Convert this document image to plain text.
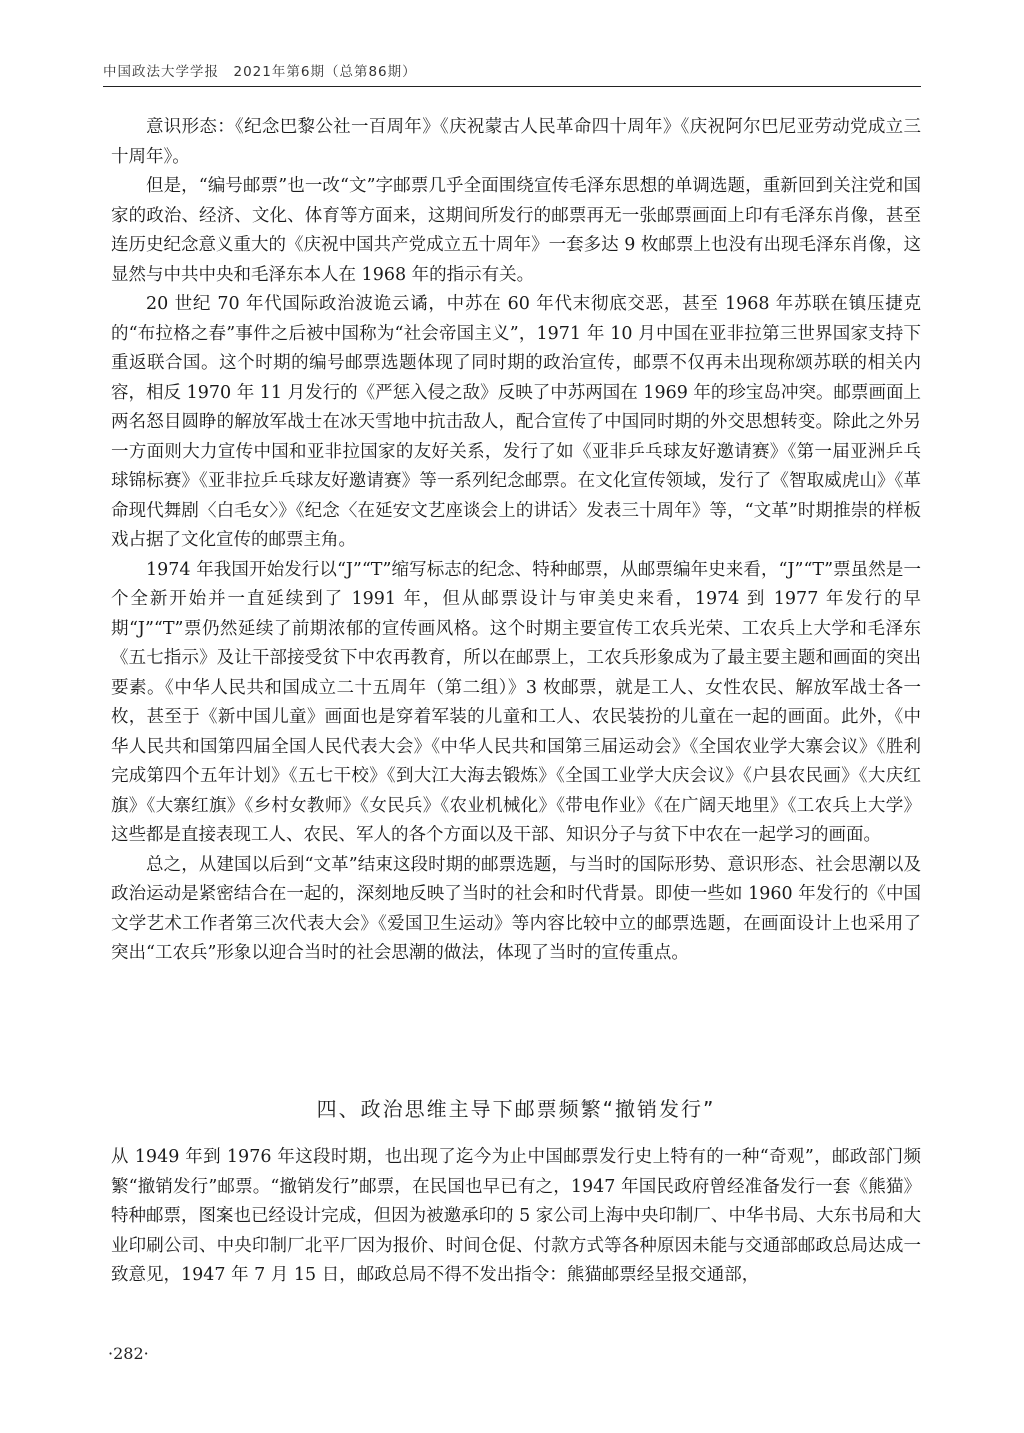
中国政法大学学报　2021年第6期（总第86期）

意识形态：《纪念巴黎公社一百周年》《庆祝蒙古人民革命四十周年》《庆祝阿尔巴尼亚劳动党成立三十周年》。

但是，“编号邮票”也一改“文”字邮票几乎全面围绕宣传毛泽东思想的单调选题，重新回到关注党和国家的政治、经济、文化、体育等方面来，这期间所发行的邮票再无一张邮票画面上印有毛泽东肖像，甚至连历史纪念意义重大的《庆祝中国共产党成立五十周年》一套多达 9 枚邮票上也没有出现毛泽东肖像，这显然与中共中央和毛泽东本人在 1968 年的指示有关。

20 世纪 70 年代国际政治波诡云谲，中苏在 60 年代末彻底交恶，甚至 1968 年苏联在镇压捷克的“布拉格之春”事件之后被中国称为“社会帝国主义”，1971 年 10 月中国在亚非拉第三世界国家支持下重返联合国。这个时期的编号邮票选题体现了同时期的政治宣传，邮票不仅再未出现称颂苏联的相关内容，相反 1970 年 11 月发行的《严惩入侵之敌》反映了中苏两国在 1969 年的珍宝岛冲突。邮票画面上两名怒目圆睁的解放军战士在冰天雪地中抗击敌人，配合宣传了中国同时期的外交思想转变。除此之外另一方面则大力宣传中国和亚非拉国家的友好关系，发行了如《亚非乒乓球友好邀请赛》《第一届亚洲乒乓球锦标赛》《亚非拉乒乓球友好邀请赛》等一系列纪念邮票。在文化宣传领域，发行了《智取威虎山》《革命现代舞剧〈白毛女〉》《纪念〈在延安文艺座谈会上的讲话〉发表三十周年》等，“文革”时期推崇的样板戏占据了文化宣传的邮票主角。

1974 年我国开始发行以“J”“T”缩写标志的纪念、特种邮票，从邮票编年史来看，“J”“T”票虽然是一个全新开始并一直延续到了 1991 年，但从邮票设计与审美史来看，1974 到 1977 年发行的早期“J”“T”票仍然延续了前期浓郁的宣传画风格。这个时期主要宣传工农兵光荣、工农兵上大学和毛泽东《五七指示》及让干部接受贫下中农再教育，所以在邮票上，工农兵形象成为了最主要主题和画面的突出要素。《中华人民共和国成立二十五周年（第二组）》3 枚邮票，就是工人、女性农民、解放军战士各一枚，甚至于《新中国儿童》画面也是穿着军装的儿童和工人、农民装扮的儿童在一起的画面。此外，《中华人民共和国第四届全国人民代表大会》《中华人民共和国第三届运动会》《全国农业学大寨会议》《胜利完成第四个五年计划》《五七干校》《到大江大海去锻炼》《全国工业学大庆会议》《户县农民画》《大庆红旗》《大寨红旗》《乡村女教师》《女民兵》《农业机械化》《带电作业》《在广阔天地里》《工农兵上大学》这些都是直接表现工人、农民、军人的各个方面以及干部、知识分子与贫下中农在一起学习的画面。

总之，从建国以后到“文革”结束这段时期的邮票选题，与当时的国际形势、意识形态、社会思潮以及政治运动是紧密结合在一起的，深刻地反映了当时的社会和时代背景。即使一些如 1960 年发行的《中国文学艺术工作者第三次代表大会》《爱国卫生运动》等内容比较中立的邮票选题，在画面设计上也采用了突出“工农兵”形象以迎合当时的社会思潮的做法，体现了当时的宣传重点。

四、政治思维主导下邮票频繁“撤销发行”

从 1949 年到 1976 年这段时期，也出现了迄今为止中国邮票发行史上特有的一种“奇观”，邮政部门频繁“撤销发行”邮票。“撤销发行”邮票，在民国也早已有之，1947 年国民政府曾经准备发行一套《熊猫》特种邮票，图案也已经设计完成，但因为被邀承印的 5 家公司上海中央印制厂、中华书局、大东书局和大业印刷公司、中央印制厂北平厂因为报价、时间仓促、付款方式等各种原因未能与交通部邮政总局达成一致意见，1947 年 7 月 15 日，邮政总局不得不发出指令：熊猫邮票经呈报交通部，

·282·
